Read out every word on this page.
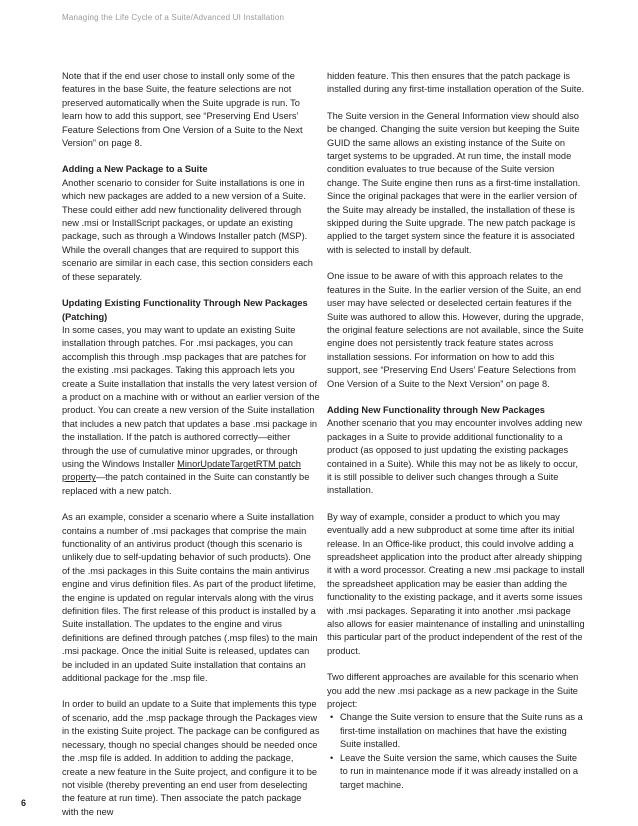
Managing the Life Cycle of a Suite/Advanced UI Installation

Note that if the end user chose to install only some of the features in the base Suite, the feature selections are not preserved automatically when the Suite upgrade is run. To learn how to add this support, see “Preserving End Users’ Feature Selections from One Version of a Suite to the Next Version” on page 8.

Adding a New Package to a Suite

Another scenario to consider for Suite installations is one in which new packages are added to a new version of a Suite. These could either add new functionality delivered through new .msi or InstallScript packages, or update an existing package, such as through a Windows Installer patch (MSP). While the overall changes that are required to support this scenario are similar in each case, this section considers each of these separately.

Updating Existing Functionality Through New Packages (Patching)

In some cases, you may want to update an existing Suite installation through patches. For .msi packages, you can accomplish this through .msp packages that are patches for the existing .msi packages. Taking this approach lets you create a Suite installation that installs the very latest version of a product on a machine with or without an earlier version of the product. You can create a new version of the Suite installation that includes a new patch that updates a base .msi package in the installation. If the patch is authored correctly—either through the use of cumulative minor upgrades, or through using the Windows Installer MinorUpdateTargetRTM patch property—the patch contained in the Suite can constantly be replaced with a new patch.

As an example, consider a scenario where a Suite installation contains a number of .msi packages that comprise the main functionality of an antivirus product (though this scenario is unlikely due to self-updating behavior of such products). One of the .msi packages in this Suite contains the main antivirus engine and virus definition files. As part of the product lifetime, the engine is updated on regular intervals along with the virus definition files. The first release of this product is installed by a Suite installation. The updates to the engine and virus definitions are defined through patches (.msp files) to the main .msi package. Once the initial Suite is released, updates can be included in an updated Suite installation that contains an additional package for the .msp file.

In order to build an update to a Suite that implements this type of scenario, add the .msp package through the Packages view in the existing Suite project. The package can be configured as necessary, though no special changes should be needed once the .msp file is added. In addition to adding the package, create a new feature in the Suite project, and configure it to be not visible (thereby preventing an end user from deselecting the feature at run time). Then associate the patch package with the new

hidden feature. This then ensures that the patch package is installed during any first-time installation operation of the Suite.

The Suite version in the General Information view should also be changed. Changing the suite version but keeping the Suite GUID the same allows an existing instance of the Suite on target systems to be upgraded. At run time, the install mode condition evaluates to true because of the Suite version change. The Suite engine then runs as a first-time installation. Since the original packages that were in the earlier version of the Suite may already be installed, the installation of these is skipped during the Suite upgrade. The new patch package is applied to the target system since the feature it is associated with is selected to install by default.

One issue to be aware of with this approach relates to the features in the Suite. In the earlier version of the Suite, an end user may have selected or deselected certain features if the Suite was authored to allow this. However, during the upgrade, the original feature selections are not available, since the Suite engine does not persistently track feature states across installation sessions. For information on how to add this support, see “Preserving End Users’ Feature Selections from One Version of a Suite to the Next Version” on page 8.

Adding New Functionality through New Packages

Another scenario that you may encounter involves adding new packages in a Suite to provide additional functionality to a product (as opposed to just updating the existing packages contained in a Suite). While this may not be as likely to occur, it is still possible to deliver such changes through a Suite installation.

By way of example, consider a product to which you may eventually add a new subproduct at some time after its initial release. In an Office-like product, this could involve adding a spreadsheet application into the product after already shipping it with a word processor. Creating a new .msi package to install the spreadsheet application may be easier than adding the functionality to the existing package, and it averts some issues with .msi packages. Separating it into another .msi package also allows for easier maintenance of installing and uninstalling this particular part of the product independent of the rest of the product.

Two different approaches are available for this scenario when you add the new .msi package as a new package in the Suite project:

• Change the Suite version to ensure that the Suite runs as a first-time installation on machines that have the existing Suite installed.
• Leave the Suite version the same, which causes the Suite to run in maintenance mode if it was already installed on a target machine.
6
